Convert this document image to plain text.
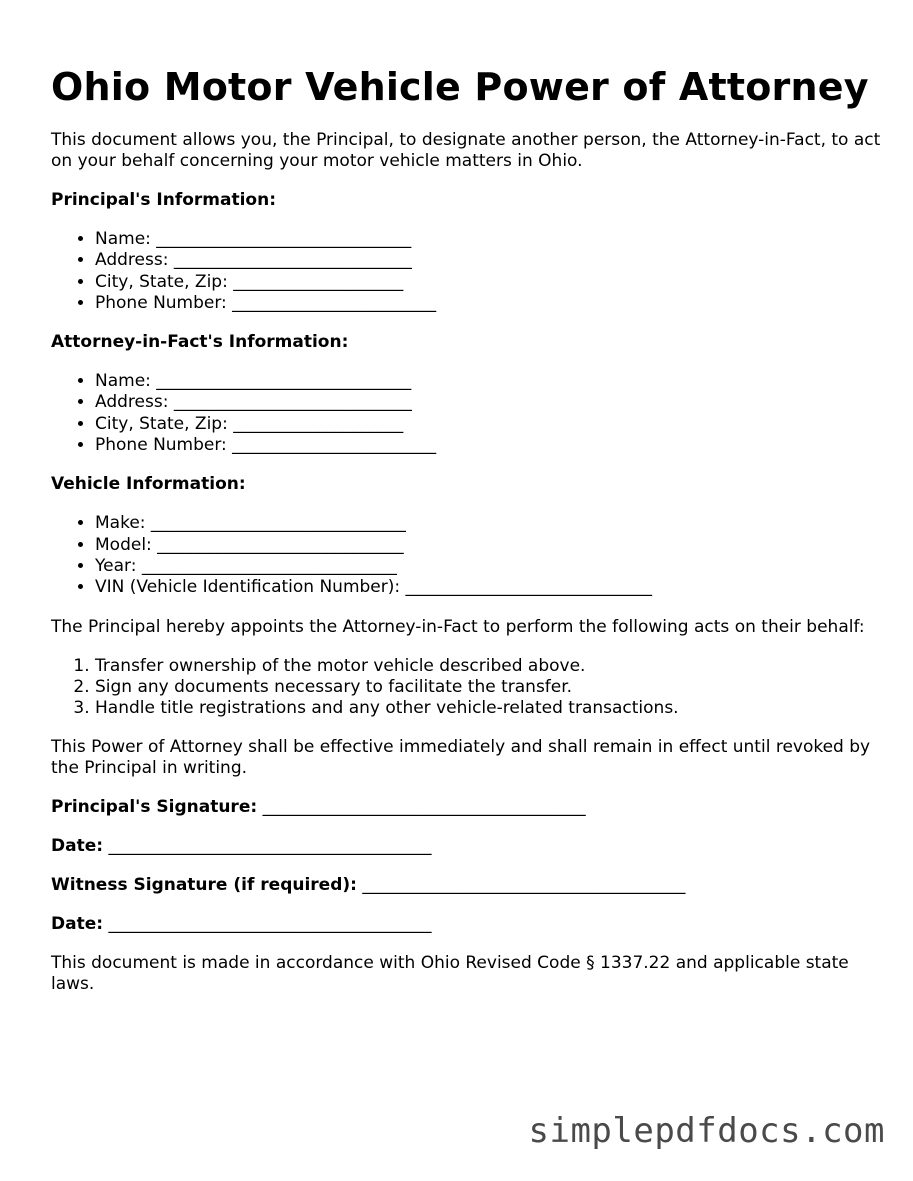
Ohio Motor Vehicle Power of Attorney

This document allows you, the Principal, to designate another person, the Attorney-in-Fact, to act on your behalf concerning your motor vehicle matters in Ohio.

Principal's Information:
• Name: ______________________________
• Address: ____________________________
• City, State, Zip: ____________________
• Phone Number: ________________________
Attorney-in-Fact's Information:
• Name: ______________________________
• Address: ____________________________
• City, State, Zip: ____________________
• Phone Number: ________________________
Vehicle Information:
• Make: ______________________________
• Model: _____________________________
• Year: ______________________________
• VIN (Vehicle Identification Number): _____________________________

The Principal hereby appoints the Attorney-in-Fact to perform the following acts on their behalf:

1. Transfer ownership of the motor vehicle described above.
2. Sign any documents necessary to facilitate the transfer.
3. Handle title registrations and any other vehicle-related transactions.

This Power of Attorney shall be effective immediately and shall remain in effect until revoked by the Principal in writing.

Principal's Signature: ______________________________________
Date: ______________________________________
Witness Signature (if required): ______________________________________
Date: ______________________________________

This document is made in accordance with Ohio Revised Code § 1337.22 and applicable state laws.

simplepdfdocs.com
